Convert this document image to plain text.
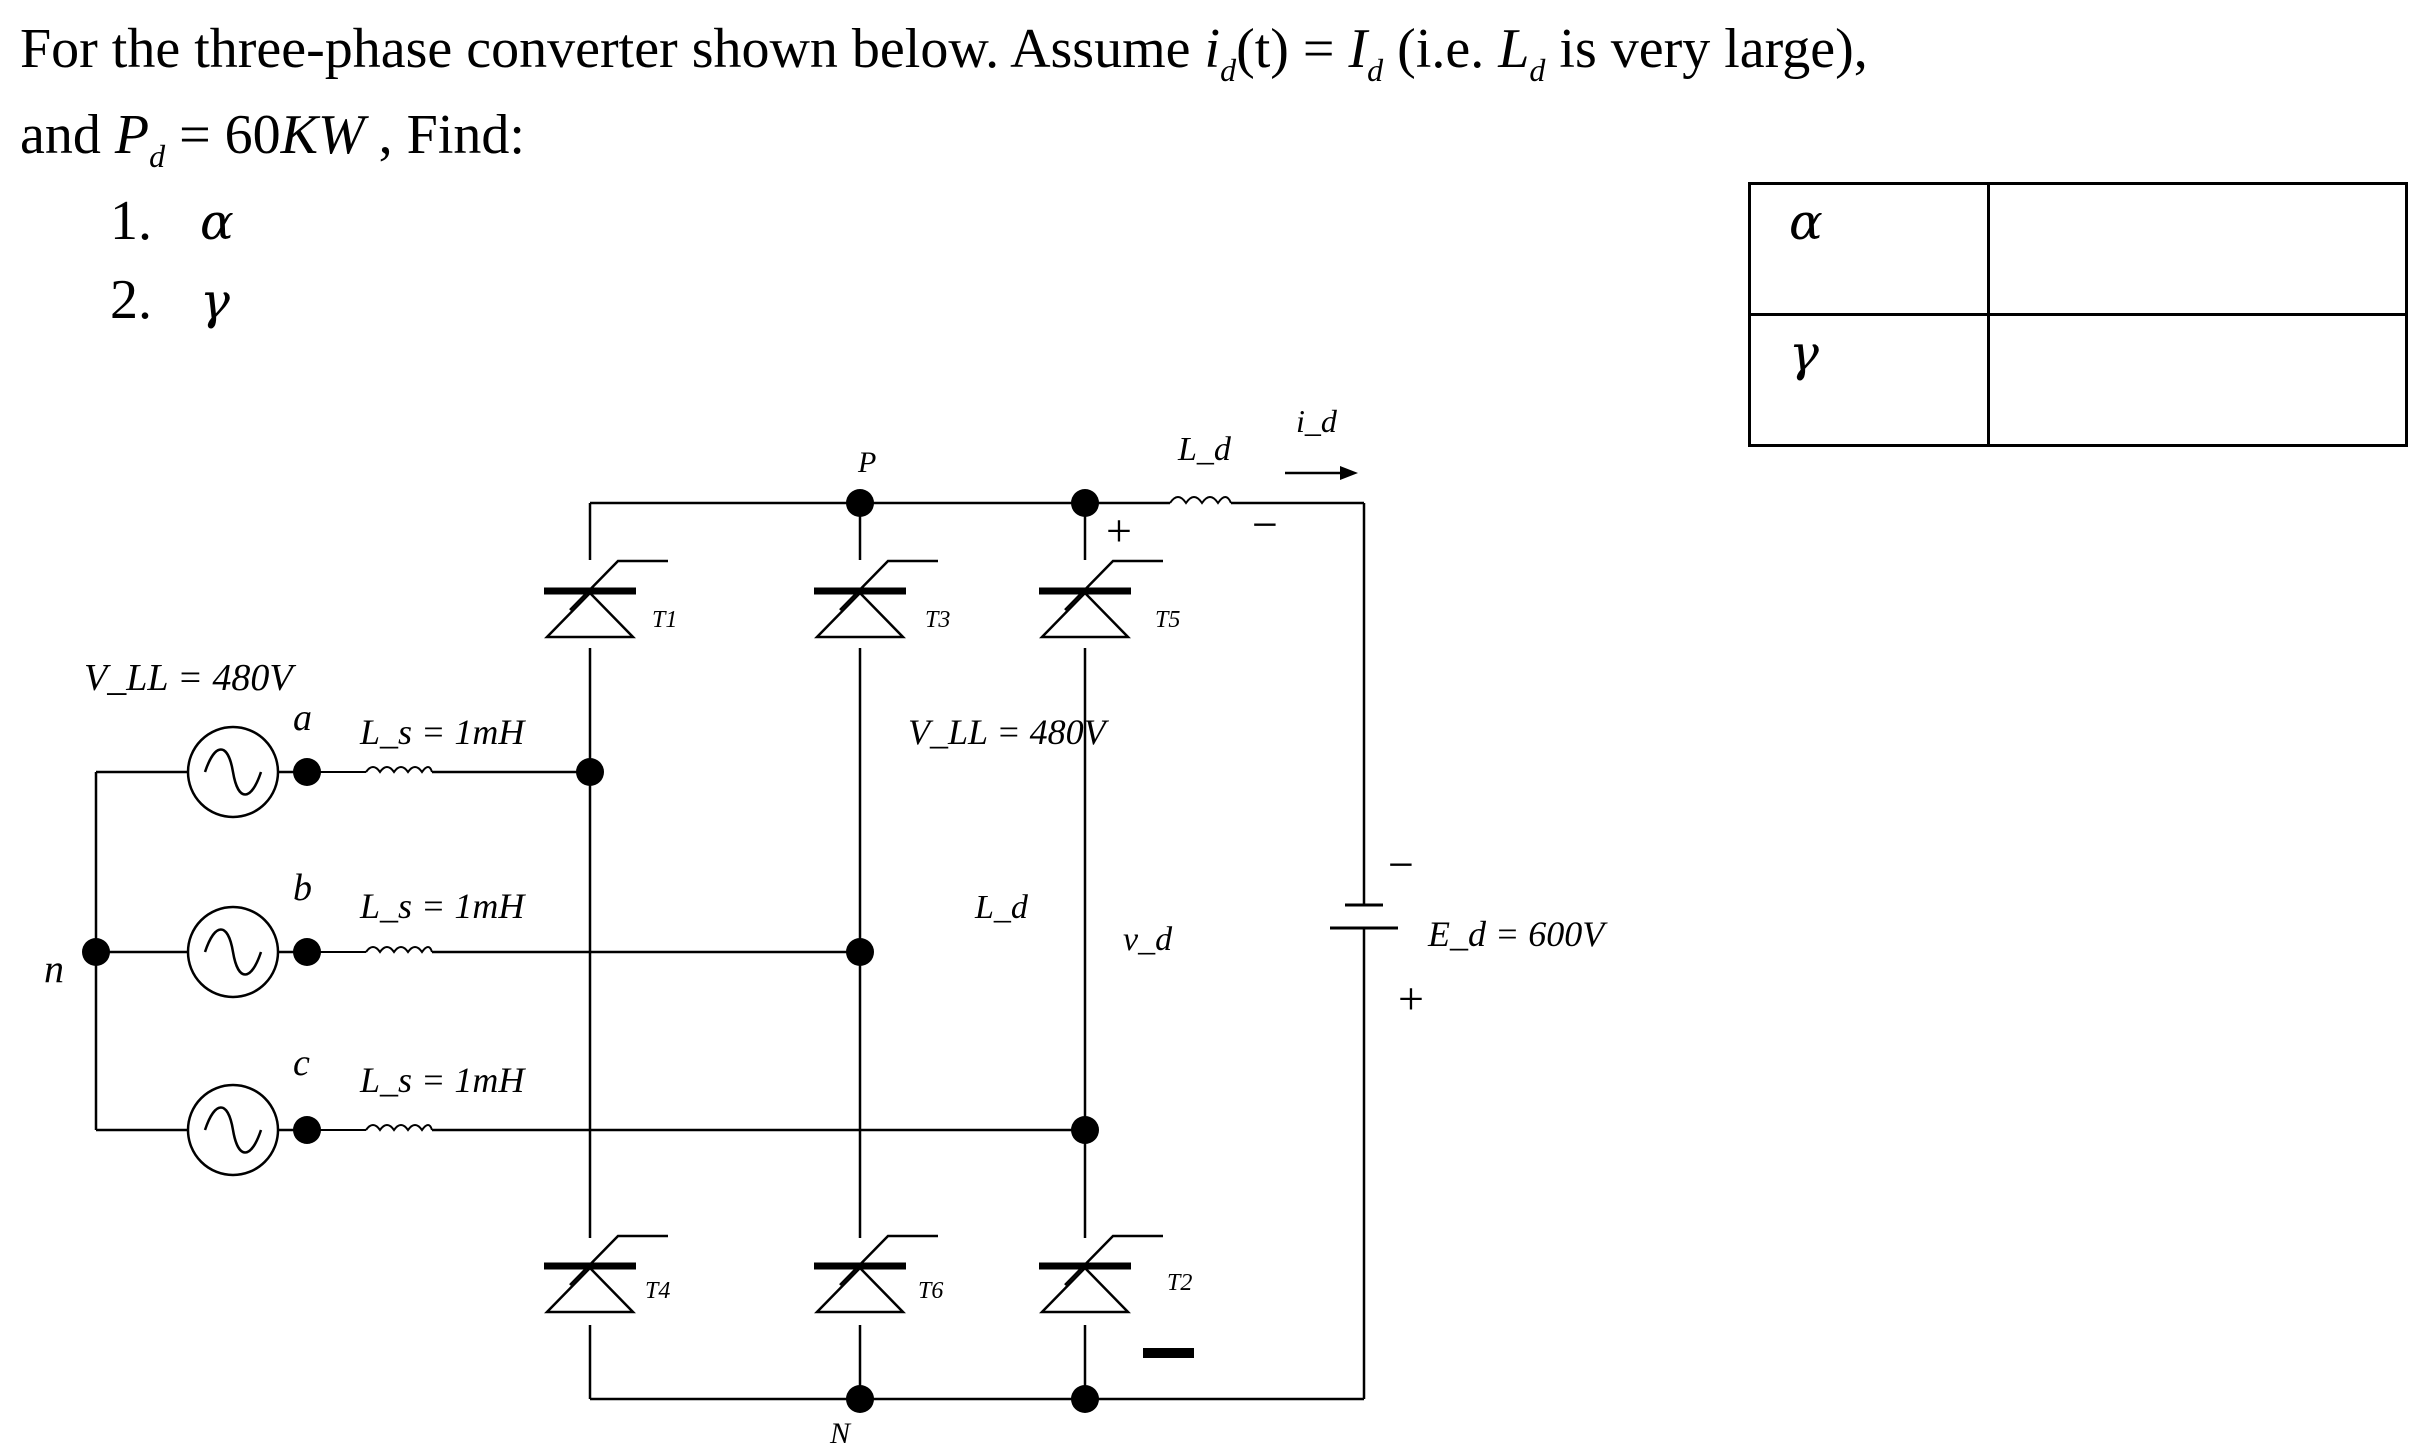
For the three-phase converter shown below. Assume $i_d(t) = I_d$ (i.e. $L_d$ is very large),
and $P_d = 60KW$ , Find:
1. α
2. γ
α	
γ	
V_LL = 480V
a
b
c
n
L_s = 1mH
L_s = 1mH
L_s = 1mH
P
N
T1	T3	T5
T4	T6	T2
V_LL = 480V
L_d
L_d
i_d
v_d	E_d = 600V
+	−
−
+
